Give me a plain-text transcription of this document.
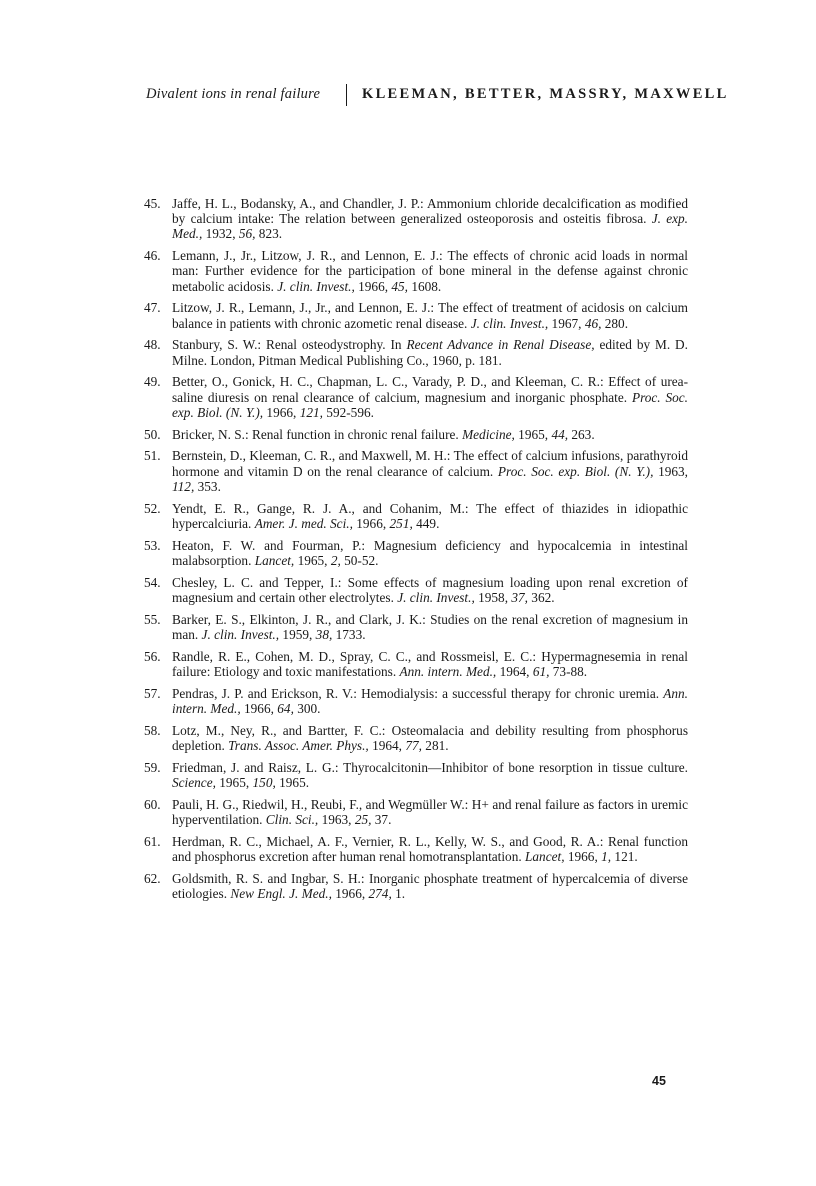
Divalent ions in renal failure	KLEEMAN, BETTER, MASSRY, MAXWELL
45. Jaffe, H. L., Bodansky, A., and Chandler, J. P.: Ammonium chloride decalcification as modified by calcium intake: The relation between generalized osteoporosis and osteitis fibrosa. J. exp. Med., 1932, 56, 823.
46. Lemann, J., Jr., Litzow, J. R., and Lennon, E. J.: The effects of chronic acid loads in normal man: Further evidence for the participation of bone mineral in the defense against chronic metabolic acidosis. J. clin. Invest., 1966, 45, 1608.
47. Litzow, J. R., Lemann, J., Jr., and Lennon, E. J.: The effect of treatment of acidosis on calcium balance in patients with chronic azometic renal disease. J. clin. Invest., 1967, 46, 280.
48. Stanbury, S. W.: Renal osteodystrophy. In Recent Advance in Renal Disease, edited by M. D. Milne. London, Pitman Medical Publishing Co., 1960, p. 181.
49. Better, O., Gonick, H. C., Chapman, L. C., Varady, P. D., and Kleeman, C. R.: Effect of urea-saline diuresis on renal clearance of calcium, magnesium and inorganic phosphate. Proc. Soc. exp. Biol. (N. Y.), 1966, 121, 592-596.
50. Bricker, N. S.: Renal function in chronic renal failure. Medicine, 1965, 44, 263.
51. Bernstein, D., Kleeman, C. R., and Maxwell, M. H.: The effect of calcium infusions, parathyroid hormone and vitamin D on the renal clearance of calcium. Proc. Soc. exp. Biol. (N. Y.), 1963, 112, 353.
52. Yendt, E. R., Gange, R. J. A., and Cohanim, M.: The effect of thiazides in idiopathic hypercalciuria. Amer. J. med. Sci., 1966, 251, 449.
53. Heaton, F. W. and Fourman, P.: Magnesium deficiency and hypocalcemia in intestinal malabsorption. Lancet, 1965, 2, 50-52.
54. Chesley, L. C. and Tepper, I.: Some effects of magnesium loading upon renal excretion of magnesium and certain other electrolytes. J. clin. Invest., 1958, 37, 362.
55. Barker, E. S., Elkinton, J. R., and Clark, J. K.: Studies on the renal excretion of magnesium in man. J. clin. Invest., 1959, 38, 1733.
56. Randle, R. E., Cohen, M. D., Spray, C. C., and Rossmeisl, E. C.: Hypermagnesemia in renal failure: Etiology and toxic manifestations. Ann. intern. Med., 1964, 61, 73-88.
57. Pendras, J. P. and Erickson, R. V.: Hemodialysis: a successful therapy for chronic uremia. Ann. intern. Med., 1966, 64, 300.
58. Lotz, M., Ney, R., and Bartter, F. C.: Osteomalacia and debility resulting from phosphorus depletion. Trans. Assoc. Amer. Phys., 1964, 77, 281.
59. Friedman, J. and Raisz, L. G.: Thyrocalcitonin—Inhibitor of bone resorption in tissue culture. Science, 1965, 150, 1965.
60. Pauli, H. G., Riedwil, H., Reubi, F., and Wegmüller W.: H+ and renal failure as factors in uremic hyperventilation. Clin. Sci., 1963, 25, 37.
61. Herdman, R. C., Michael, A. F., Vernier, R. L., Kelly, W. S., and Good, R. A.: Renal function and phosphorus excretion after human renal homotransplantation. Lancet, 1966, 1, 121.
62. Goldsmith, R. S. and Ingbar, S. H.: Inorganic phosphate treatment of hypercalcemia of diverse etiologies. New Engl. J. Med., 1966, 274, 1.
45
